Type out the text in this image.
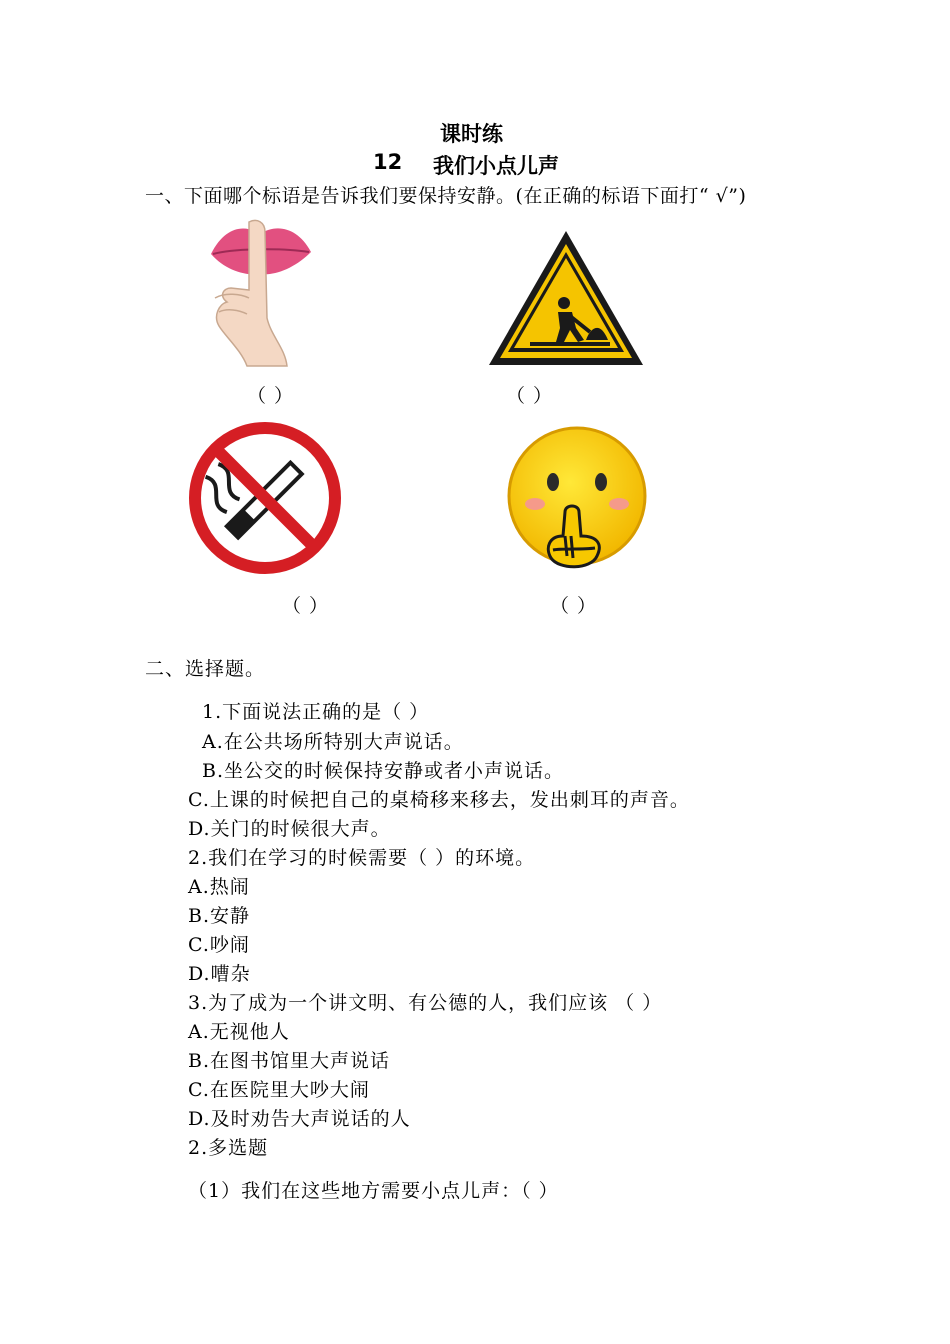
课时练
12 我们小点儿声
一、下面哪个标语是告诉我们要保持安静。(在正确的标语下面打“ √”)
（ ）	（ ）
（ ）	（ ）
二、选择题。
1.下面说法正确的是（ ）
A.在公共场所特别大声说话。
B.坐公交的时候保持安静或者小声说话。
C.上课的时候把自己的桌椅移来移去，发出刺耳的声音。
D.关门的时候很大声。
2.我们在学习的时候需要（ ）的环境。
A.热闹
B.安静
C.吵闹
D.嘈杂
3.为了成为一个讲文明、有公德的人，我们应该 （ ）
A.无视他人
B.在图书馆里大声说话
C.在医院里大吵大闹
D.及时劝告大声说话的人
2.多选题
（1）我们在这些地方需要小点儿声：（ ）
